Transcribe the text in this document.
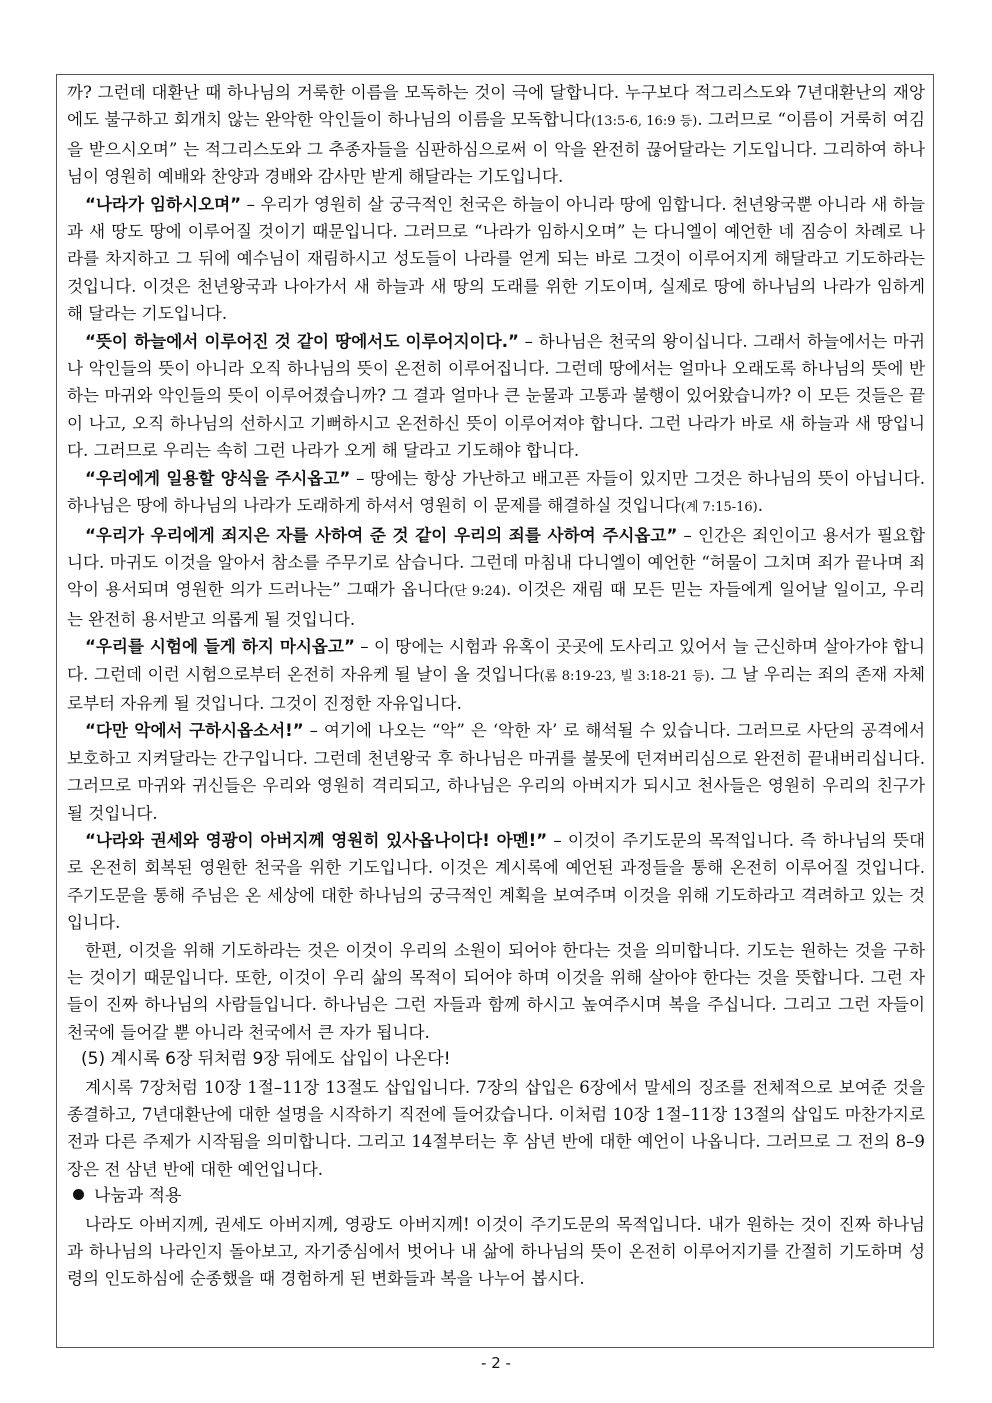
까? 그런데 대환난 때 하나님의 거룩한 이름을 모독하는 것이 극에 달합니다. 누구보다 적그리스도와 7년대환난의 재앙에도 불구하고 회개치 않는 완악한 악인들이 하나님의 이름을 모독합니다(13:5-6, 16:9 등). 그러므로 “이름이 거룩히 여김을 받으시오며” 는 적그리스도와 그 추종자들을 심판하심으로써 이 악을 완전히 끊어달라는 기도입니다. 그리하여 하나님이 영원히 예배와 찬양과 경배와 감사만 받게 해달라는 기도입니다.

“나라가 임하시오며” – 우리가 영원히 살 궁극적인 천국은 하늘이 아니라 땅에 임합니다. 천년왕국뿐 아니라 새 하늘과 새 땅도 땅에 이루어질 것이기 때문입니다. 그러므로 “나라가 임하시오며” 는 다니엘이 예언한 네 짐승이 차례로 나라를 차지하고 그 뒤에 예수님이 재림하시고 성도들이 나라를 얻게 되는 바로 그것이 이루어지게 해달라고 기도하라는 것입니다. 이것은 천년왕국과 나아가서 새 하늘과 새 땅의 도래를 위한 기도이며, 실제로 땅에 하나님의 나라가 임하게 해 달라는 기도입니다.

“뜻이 하늘에서 이루어진 것 같이 땅에서도 이루어지이다.” – 하나님은 천국의 왕이십니다. 그래서 하늘에서는 마귀나 악인들의 뜻이 아니라 오직 하나님의 뜻이 온전히 이루어집니다. 그런데 땅에서는 얼마나 오래도록 하나님의 뜻에 반하는 마귀와 악인들의 뜻이 이루어졌습니까? 그 결과 얼마나 큰 눈물과 고통과 불행이 있어왔습니까? 이 모든 것들은 끝이 나고, 오직 하나님의 선하시고 기뻐하시고 온전하신 뜻이 이루어져야 합니다. 그런 나라가 바로 새 하늘과 새 땅입니다. 그러므로 우리는 속히 그런 나라가 오게 해 달라고 기도해야 합니다.

“우리에게 일용할 양식을 주시옵고” – 땅에는 항상 가난하고 배고픈 자들이 있지만 그것은 하나님의 뜻이 아닙니다. 하나님은 땅에 하나님의 나라가 도래하게 하셔서 영원히 이 문제를 해결하실 것입니다(계 7:15-16).

“우리가 우리에게 죄지은 자를 사하여 준 것 같이 우리의 죄를 사하여 주시옵고” – 인간은 죄인이고 용서가 필요합니다. 마귀도 이것을 알아서 참소를 주무기로 삼습니다. 그런데 마침내 다니엘이 예언한 “허물이 그치며 죄가 끝나며 죄악이 용서되며 영원한 의가 드러나는” 그때가 옵니다(단 9:24). 이것은 재림 때 모든 믿는 자들에게 일어날 일이고, 우리는 완전히 용서받고 의롭게 될 것입니다.

“우리를 시험에 들게 하지 마시옵고” – 이 땅에는 시험과 유혹이 곳곳에 도사리고 있어서 늘 근신하며 살아가야 합니다. 그런데 이런 시험으로부터 온전히 자유케 될 날이 올 것입니다(롬 8:19-23, 빌 3:18-21 등). 그 날 우리는 죄의 존재 자체로부터 자유케 될 것입니다. 그것이 진정한 자유입니다.

“다만 악에서 구하시옵소서!” – 여기에 나오는 “악” 은 ‘악한 자’ 로 해석될 수 있습니다. 그러므로 사단의 공격에서 보호하고 지켜달라는 간구입니다. 그런데 천년왕국 후 하나님은 마귀를 불못에 던져버리심으로 완전히 끝내버리십니다. 그러므로 마귀와 귀신들은 우리와 영원히 격리되고, 하나님은 우리의 아버지가 되시고 천사들은 영원히 우리의 친구가 될 것입니다.

“나라와 권세와 영광이 아버지께 영원히 있사옵나이다! 아멘!” – 이것이 주기도문의 목적입니다. 즉 하나님의 뜻대로 온전히 회복된 영원한 천국을 위한 기도입니다. 이것은 계시록에 예언된 과정들을 통해 온전히 이루어질 것입니다. 주기도문을 통해 주님은 온 세상에 대한 하나님의 궁극적인 계획을 보여주며 이것을 위해 기도하라고 격려하고 있는 것입니다.

한편, 이것을 위해 기도하라는 것은 이것이 우리의 소원이 되어야 한다는 것을 의미합니다. 기도는 원하는 것을 구하는 것이기 때문입니다. 또한, 이것이 우리 삶의 목적이 되어야 하며 이것을 위해 살아야 한다는 것을 뜻합니다. 그런 자들이 진짜 하나님의 사람들입니다. 하나님은 그런 자들과 함께 하시고 높여주시며 복을 주십니다. 그리고 그런 자들이 천국에 들어갈 뿐 아니라 천국에서 큰 자가 됩니다.

(5) 계시록 6장 뒤처럼 9장 뒤에도 삽입이 나온다!

계시록 7장처럼 10장 1절–11장 13절도 삽입입니다. 7장의 삽입은 6장에서 말세의 징조를 전체적으로 보여준 것을 종결하고, 7년대환난에 대한 설명을 시작하기 직전에 들어갔습니다. 이처럼 10장 1절–11장 13절의 삽입도 마찬가지로 전과 다른 주제가 시작됨을 의미합니다. 그리고 14절부터는 후 삼년 반에 대한 예언이 나옵니다. 그러므로 그 전의 8–9장은 전 삼년 반에 대한 예언입니다.

나눔과 적용

나라도 아버지께, 권세도 아버지께, 영광도 아버지께! 이것이 주기도문의 목적입니다. 내가 원하는 것이 진짜 하나님과 하나님의 나라인지 돌아보고, 자기중심에서 벗어나 내 삶에 하나님의 뜻이 온전히 이루어지기를 간절히 기도하며 성령의 인도하심에 순종했을 때 경험하게 된 변화들과 복을 나누어 봅시다.

- 2 -
